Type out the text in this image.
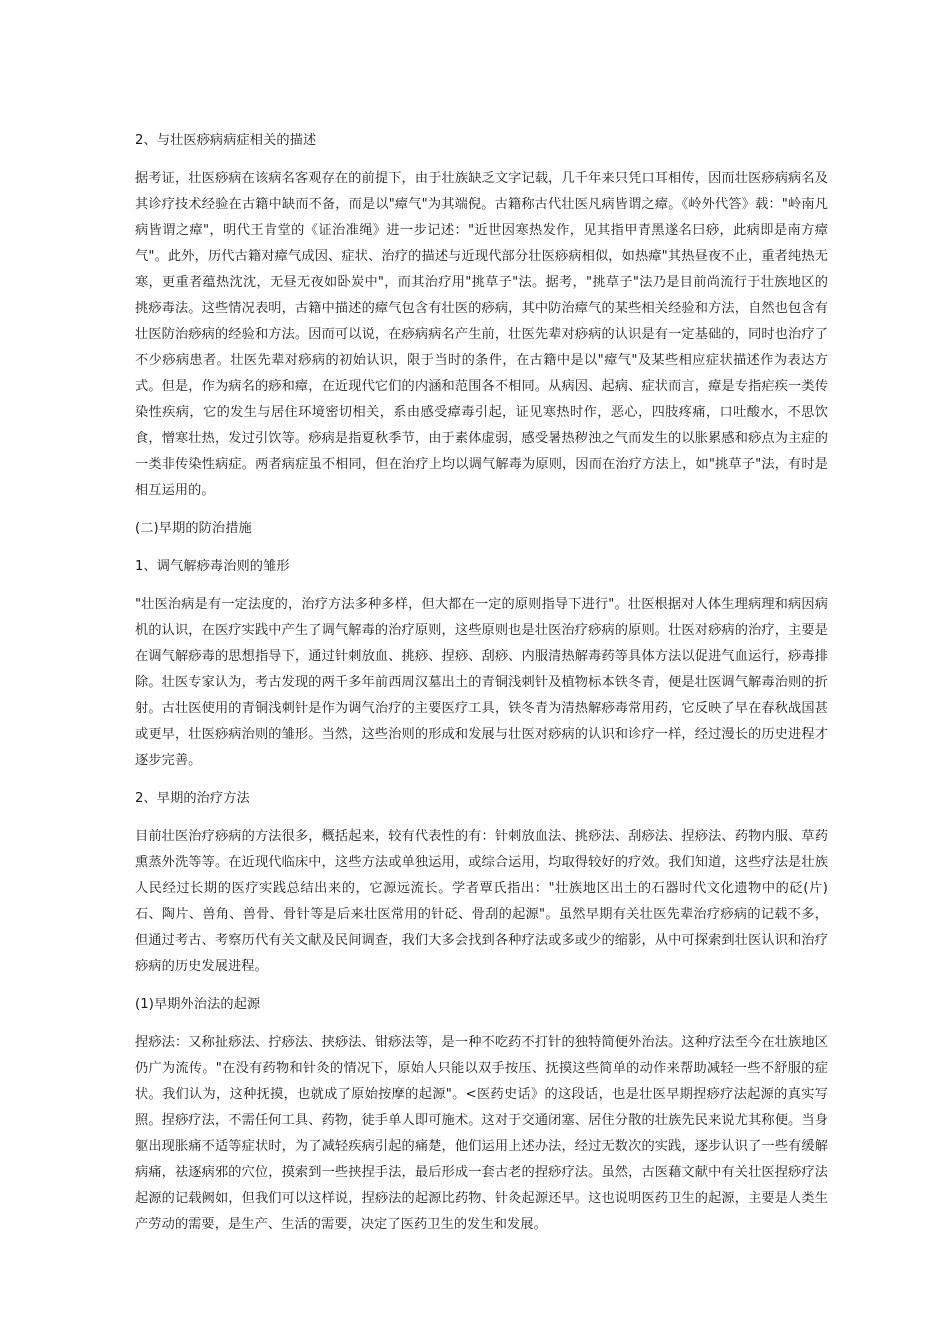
2、与壮医痧病病症相关的描述
据考证，壮医痧病在该病名客观存在的前提下，由于壮族缺乏文字记载，几千年来只凭口耳相传，因而壮医痧病病名及其诊疗技术经验在古籍中缺而不备，而是以"瘴气"为其端倪。古籍称古代壮医凡病皆谓之瘴。《岭外代答》载："岭南凡病皆谓之瘴"，明代王肯堂的《证治准绳》进一步记述："近世因寒热发作，见其指甲青黑遂名曰痧，此病即是南方瘴气"。此外，历代古籍对瘴气成因、症状、治疗的描述与近现代部分壮医痧病相似，如热瘴"其热昼夜不止，重者纯热无寒，更重者蕴热沈沈，无昼无夜如卧炭中"，而其治疗用"挑草子"法。据考，"挑草子"法乃是目前尚流行于壮族地区的挑痧毒法。这些情况表明，古籍中描述的瘴气包含有壮医的痧病，其中防治瘴气的某些相关经验和方法，自然也包含有壮医防治痧病的经验和方法。因而可以说，在痧病病名产生前，壮医先辈对痧病的认识是有一定基础的，同时也治疗了不少痧病患者。壮医先辈对痧病的初始认识，限于当时的条件，在古籍中是以"瘴气"及某些相应症状描述作为表达方式。但是，作为病名的痧和瘴，在近现代它们的内涵和范围各不相同。从病因、起病、症状而言，瘴是专指疟疾一类传染性疾病，它的发生与居住环境密切相关，系由感受瘴毒引起，证见寒热时作，恶心，四肢疼痛，口吐酸水，不思饮食，憎寒壮热，发过引饮等。痧病是指夏秋季节，由于素体虚弱，感受暑热秽浊之气而发生的以胀累感和痧点为主症的一类非传染性病症。两者病症虽不相同，但在治疗上均以调气解毒为原则，因而在治疗方法上，如"挑草子"法，有时是相互运用的。
(二)早期的防治措施
1、调气解痧毒治则的雏形
"壮医治病是有一定法度的，治疗方法多种多样，但大都在一定的原则指导下进行"。壮医根据对人体生理病理和病因病机的认识，在医疗实践中产生了调气解毒的治疗原则，这些原则也是壮医治疗痧病的原则。壮医对痧病的治疗，主要是在调气解痧毒的思想指导下，通过针刺放血、挑痧、捏痧、刮痧、内服清热解毒药等具体方法以促进气血运行，痧毒排除。壮医专家认为，考古发现的两千多年前西周汉墓出土的青铜浅刺针及植物标本铁冬青，便是壮医调气解毒治则的折射。古壮医使用的青铜浅刺针是作为调气治疗的主要医疗工具，铁冬青为清热解痧毒常用药，它反映了早在春秋战国甚或更早，壮医痧病治则的雏形。当然，这些治则的形成和发展与壮医对痧病的认识和诊疗一样，经过漫长的历史进程才逐步完善。
2、早期的治疗方法
目前壮医治疗痧病的方法很多，概括起来，较有代表性的有：针刺放血法、挑痧法、刮痧法、捏痧法、药物内服、草药熏蒸外洗等等。在近现代临床中，这些方法或单独运用，或综合运用，均取得较好的疗效。我们知道，这些疗法是壮族人民经过长期的医疗实践总结出来的，它源远流长。学者覃氏指出："壮族地区出土的石器时代文化遗物中的砭(片)石、陶片、兽角、兽骨、骨针等是后来壮医常用的针砭、骨刮的起源"。虽然早期有关壮医先辈治疗痧病的记载不多，但通过考古、考察历代有关文献及民间调查，我们大多会找到各种疗法或多或少的缩影，从中可探索到壮医认识和治疗痧病的历史发展进程。
(1)早期外治法的起源
捏痧法：又称扯痧法、拧痧法、挟痧法、钳痧法等，是一种不吃药不打针的独特简便外治法。这种疗法至今在壮族地区仍广为流传。"在没有药物和针灸的情况下，原始人只能以双手按压、抚摸这些简单的动作来帮助减轻一些不舒服的症状。我们认为，这种抚摸，也就成了原始按摩的起源"。<医药史话》的这段话，也是壮医早期捏痧疗法起源的真实写照。捏痧疗法，不需任何工具、药物，徒手单人即可施术。这对于交通闭塞、居住分散的壮族先民来说尤其称便。当身躯出现胀痛不适等症状时，为了减轻疾病引起的痛楚，他们运用上述办法，经过无数次的实践，逐步认识了一些有缓解病痛，祛逐病邪的穴位，摸索到一些挟捏手法，最后形成一套古老的捏痧疗法。虽然，古医藉文献中有关壮医捏痧疗法起源的记载阙如，但我们可以这样说，捏痧法的起源比药物、针灸起源还早。这也说明医药卫生的起源，主要是人类生产劳动的需要，是生产、生活的需要，决定了医药卫生的发生和发展。
